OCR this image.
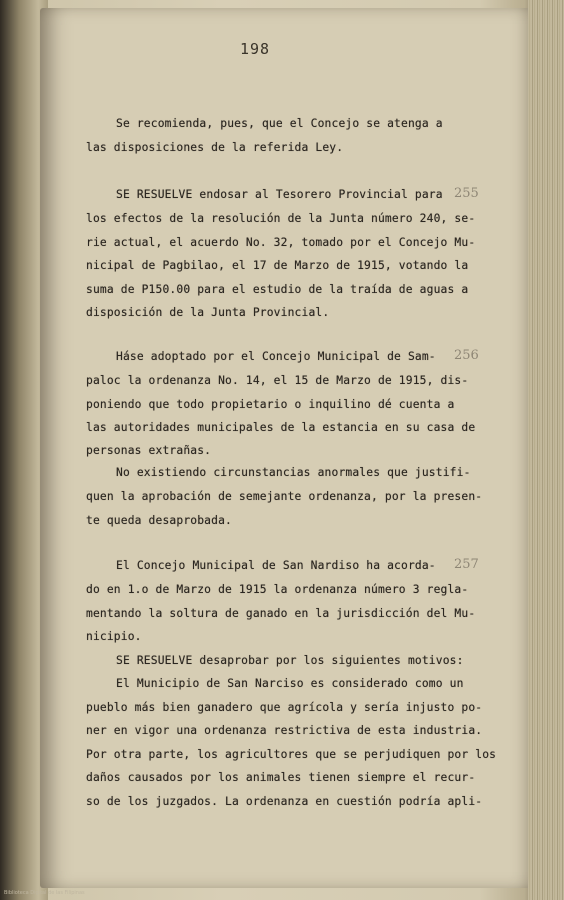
198
Se recomienda, pues, que el Concejo se atenga a
las disposiciones de la referida Ley.
SE RESUELVE endosar al Tesorero Provincial para 255
los efectos de la resolución de la Junta número 240, se-
rie actual, el acuerdo No. 32, tomado por el Concejo Mu-
nicipal de Pagbilao, el 17 de Marzo de 1915, votando la
suma de P150.00 para el estudio de la traída de aguas a
disposición de la Junta Provincial.
Háse adoptado por el Concejo Municipal de Sam- 256
paloc la ordenanza No. 14, el 15 de Marzo de 1915, dis-
poniendo que todo propietario o inquilino dé cuenta a
las autoridades municipales de la estancia en su casa de
personas extrañas.
No existiendo circunstancias anormales que justifi-
quen la aprobación de semejante ordenanza, por la presen-
te queda desaprobada.
El Concejo Municipal de San Nardiso ha acorda- 257
do en 1.o de Marzo de 1915 la ordenanza número 3 regla-
mentando la soltura de ganado en la jurisdicción del Mu-
nicipio.
SE RESUELVE desaprobar por los siguientes motivos:
El Municipio de San Narciso es considerado como un
pueblo más bien ganadero que agrícola y sería injusto po-
ner en vigor una ordenanza restrictiva de esta industria.
Por otra parte, los agricultores que se perjudiquen por los
daños causados por los animales tienen siempre el recur-
so de los juzgados. La ordenanza en cuestión podría apli-
Biblioteca Digital de las Filipinas
